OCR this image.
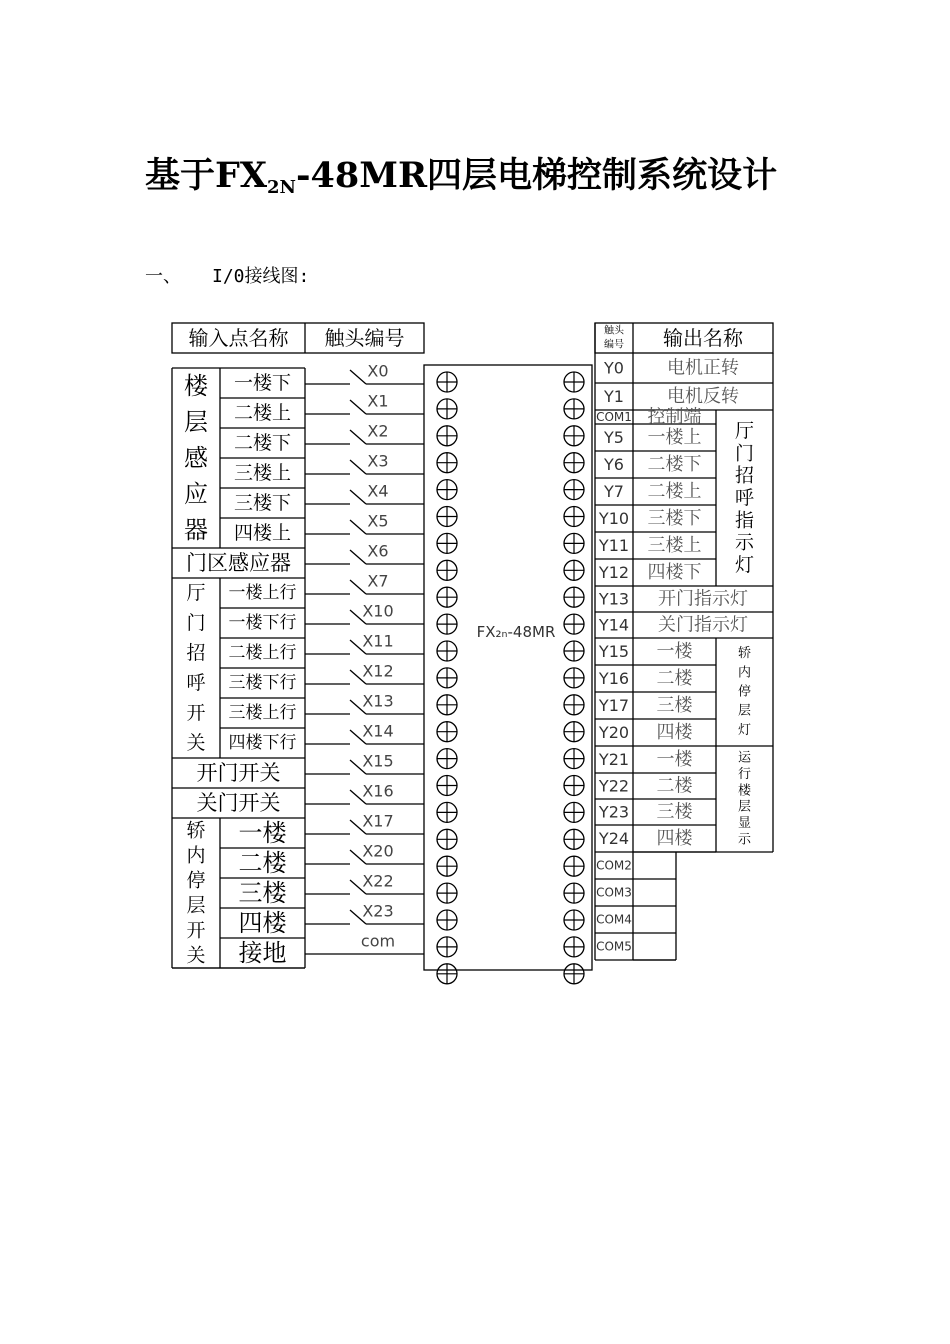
基于$FX_{2N}-48MR$四层电梯控制系统设计
一、 I/0接线图:
输入点名称 触头编号
楼
层
感
应
器
一楼下
二楼上
二楼下
三楼上
三楼下
四楼上
门区感应器
厅
门
招
呼
开
关
一楼上行
一楼下行
二楼上行
三楼下行
三楼上行
四楼下行
开门开关
关门开关
轿
内
停
层
开
关
一楼
二楼
三楼
四楼
接地
X0
X1
X2
X3
X4
X5
X6
X7
X10
X11
X12
X13
X14
X15
X16
X17
X20
X22
X23
com
FX₂ₙ-48MR
触头
编号 输出名称
Y0
Y1
COM1
Y5
Y6
Y7
Y10
Y11
Y12
Y13
Y14
Y15
Y16
Y17
Y20
Y21
Y22
Y23
Y24
COM2
COM3
COM4
COM5
电机正转
电机反转
控制端
一楼上
二楼下
二楼上
三楼下
三楼上
四楼下
厅
门
招
呼
指
示
灯
开门指示灯
关门指示灯
一楼
二楼
三楼
四楼
轿
内
停
层
灯
一楼
二楼
三楼
四楼
运
行
楼
层
显
示
